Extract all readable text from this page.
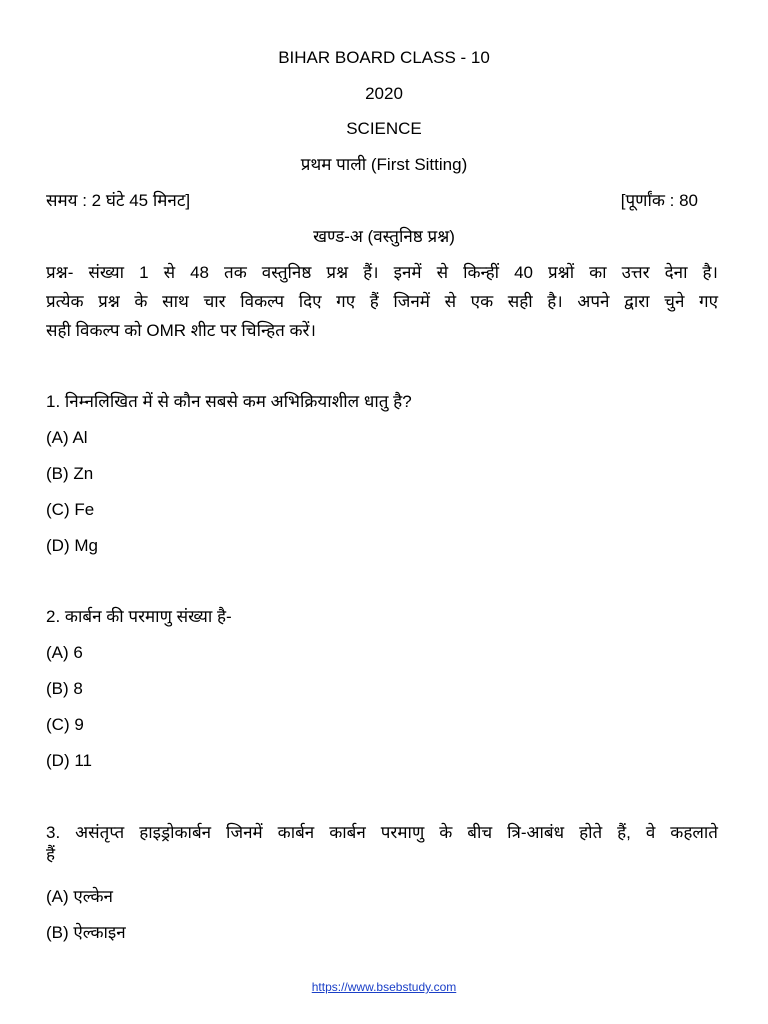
BIHAR BOARD CLASS - 10
2020
SCIENCE
प्रथम पाली (First Sitting)
समय : 2 घंटे 45 मिनट]	[पूर्णांक : 80
खण्ड-अ (वस्तुनिष्ठ प्रश्न)
प्रश्न- संख्या 1 से 48 तक वस्तुनिष्ठ प्रश्न हैं। इनमें से किन्हीं 40 प्रश्नों का उत्तर देना है।
प्रत्येक प्रश्न के साथ चार विकल्प दिए गए हैं जिनमें से एक सही है। अपने द्वारा चुने गए
सही विकल्प को OMR शीट पर चिन्हित करें।
1. निम्नलिखित में से कौन सबसे कम अभिक्रियाशील धातु है?
(A) Al
(B) Zn
(C) Fe
(D) Mg
2. कार्बन की परमाणु संख्या है-
(A) 6
(B) 8
(C) 9
(D) 11
3. असंतृप्त हाइड्रोकार्बन जिनमें कार्बन कार्बन परमाणु के बीच त्रि-आबंध होते हैं, वे कहलाते
हैं
(A) एल्केन
(B) ऐल्काइन
https://www.bsebstudy.com
